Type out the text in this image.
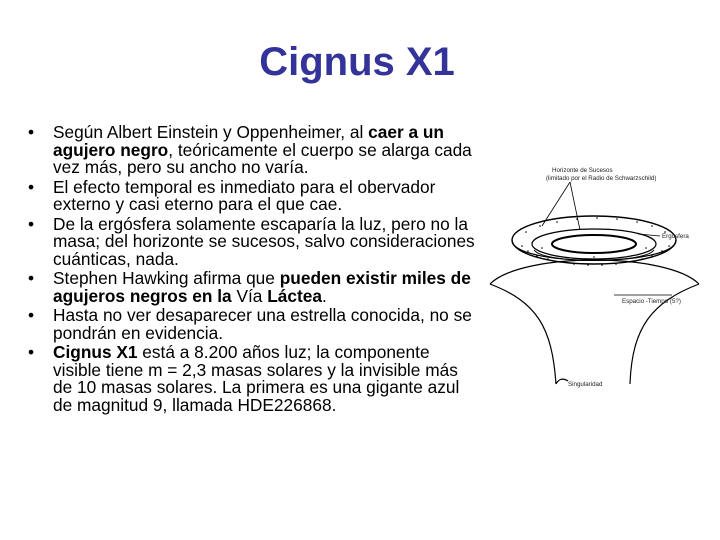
Cignus X1
• Según Albert Einstein y Oppenheimer, al caer a un agujero negro, teóricamente el cuerpo se alarga cada vez más, pero su ancho no varía.
• El efecto temporal es inmediato para el obervador externo y casi eterno para el que cae.
• De la ergósfera solamente escaparía la luz, pero no la masa; del horizonte se sucesos, salvo consideraciones cuánticas, nada.
• Stephen Hawking afirma que pueden existir miles de agujeros negros en la Vía Láctea.
• Hasta no ver desaparecer una estrella conocida, no se pondrán en evidencia.
• Cignus X1 está a 8.200 años luz; la componente visible tiene m = 2,3 masas solares y la invisible más de 10 masas solares. La primera es una gigante azul de magnitud 9, llamada HDE226868.
Horizonte de Sucesos
(limitado por el Radio de Schwarzschild)
Ergósfera
Espacio -Tiempo (5?)
Singularidad
